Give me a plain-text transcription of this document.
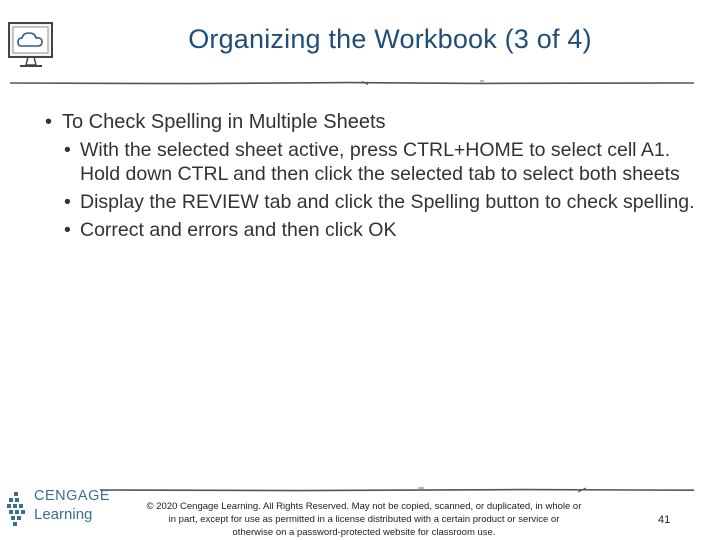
Organizing the Workbook (3 of 4)
• To Check Spelling in Multiple Sheets
• With the selected sheet active, press CTRL+HOME to select cell A1. Hold down CTRL and then click the selected tab to select both sheets
• Display the REVIEW tab and click the Spelling button to check spelling.
• Correct and errors and then click OK
CENGAGE
Learning	© 2020 Cengage Learning. All Rights Reserved. May not be copied, scanned, or duplicated, in whole or
in part, except for use as permitted in a license distributed with a certain product or service or
otherwise on a password-protected website for classroom use.
41
